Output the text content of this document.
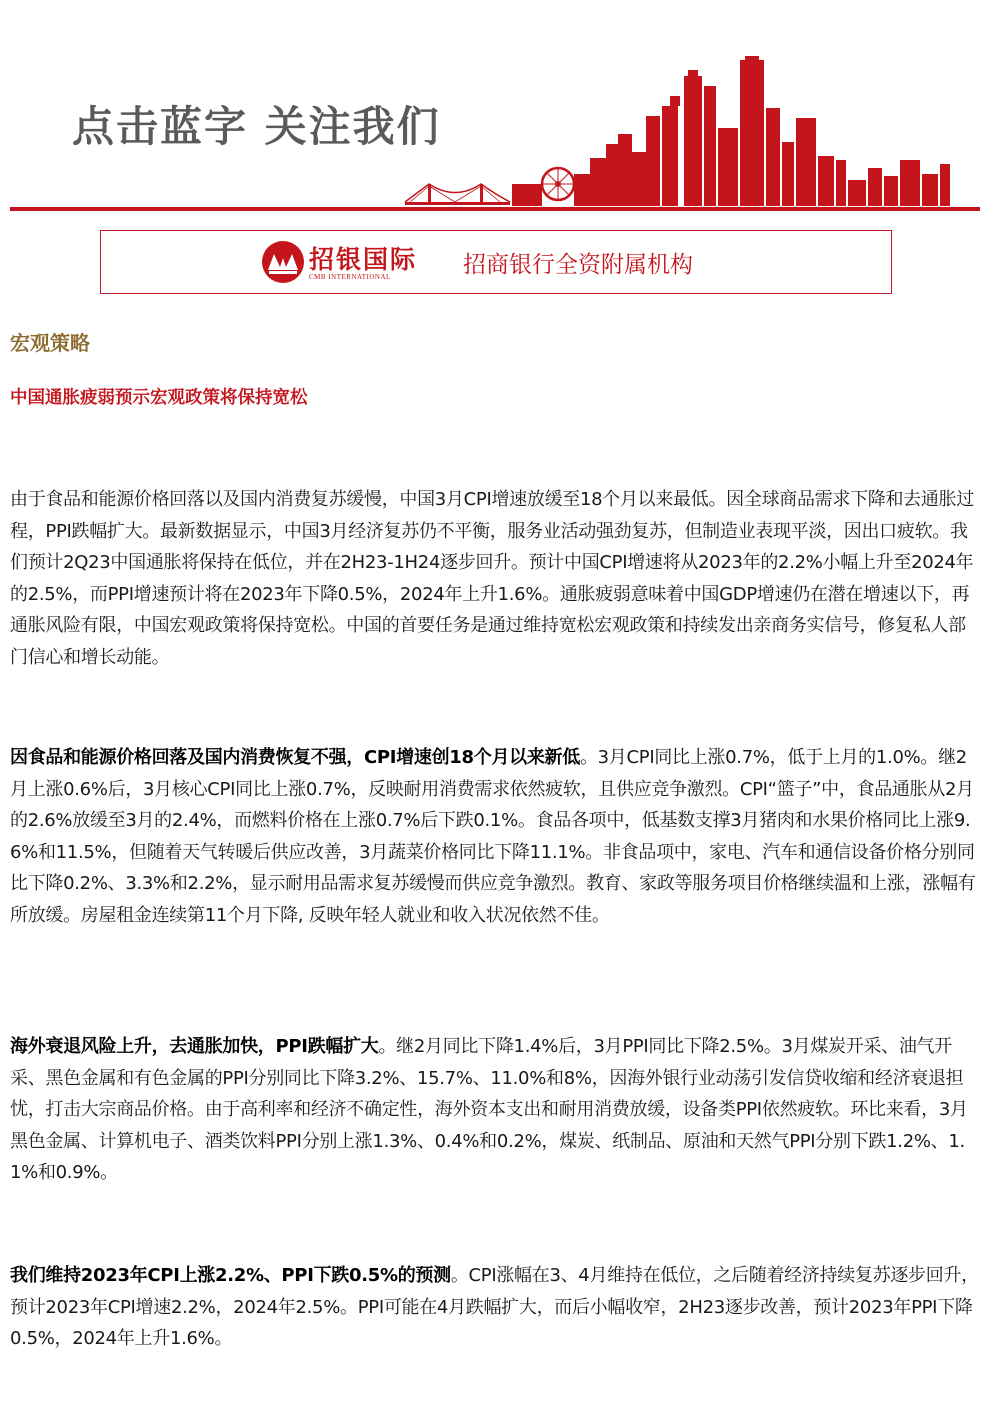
点击蓝字 关注我们
招银国际
CMB INTERNATIONAL	招商银行全资附属机构
宏观策略
中国通胀疲弱预示宏观政策将保持宽松
由于食品和能源价格回落以及国内消费复苏缓慢，中国3月CPI增速放缓至18个月以来最低。因全球商品需求下降和去通胀过程，PPI跌幅扩大。最新数据显示，中国3月经济复苏仍不平衡，服务业活动强劲复苏，但制造业表现平淡，因出口疲软。我们预计2Q23中国通胀将保持在低位，并在2H23-1H24逐步回升。预计中国CPI增速将从2023年的2.2%小幅上升至2024年的2.5%，而PPI增速预计将在2023年下降0.5%，2024年上升1.6%。通胀疲弱意味着中国GDP增速仍在潜在增速以下，再通胀风险有限，中国宏观政策将保持宽松。中国的首要任务是通过维持宽松宏观政策和持续发出亲商务实信号，修复私人部门信心和增长动能。
因食品和能源价格回落及国内消费恢复不强，CPI增速创18个月以来新低。3月CPI同比上涨0.7%，低于上月的1.0%。继2月上涨0.6%后，3月核心CPI同比上涨0.7%，反映耐用消费需求依然疲软，且供应竞争激烈。CPI“篮子”中，食品通胀从2月的2.6%放缓至3月的2.4%，而燃料价格在上涨0.7%后下跌0.1%。食品各项中，低基数支撑3月猪肉和水果价格同比上涨9.6%和11.5%，但随着天气转暖后供应改善，3月蔬菜价格同比下降11.1%。非食品项中，家电、汽车和通信设备价格分别同比下降0.2%、3.3%和2.2%，显示耐用品需求复苏缓慢而供应竞争激烈。教育、家政等服务项目价格继续温和上涨，涨幅有所放缓。房屋租金连续第11个月下降, 反映年轻人就业和收入状况依然不佳。
海外衰退风险上升，去通胀加快，PPI跌幅扩大。继2月同比下降1.4%后，3月PPI同比下降2.5%。3月煤炭开采、油气开采、黑色金属和有色金属的PPI分别同比下降3.2%、15.7%、11.0%和8%，因海外银行业动荡引发信贷收缩和经济衰退担忧，打击大宗商品价格。由于高利率和经济不确定性，海外资本支出和耐用消费放缓，设备类PPI依然疲软。环比来看，3月黑色金属、计算机电子、酒类饮料PPI分别上涨1.3%、0.4%和0.2%，煤炭、纸制品、原油和天然气PPI分别下跌1.2%、1.1%和0.9%。
我们维持2023年CPI上涨2.2%、PPI下跌0.5%的预测。CPI涨幅在3、4月维持在低位，之后随着经济持续复苏逐步回升，预计2023年CPI增速2.2%，2024年2.5%。PPI可能在4月跌幅扩大，而后小幅收窄，2H23逐步改善，预计2023年PPI下降0.5%，2024年上升1.6%。
